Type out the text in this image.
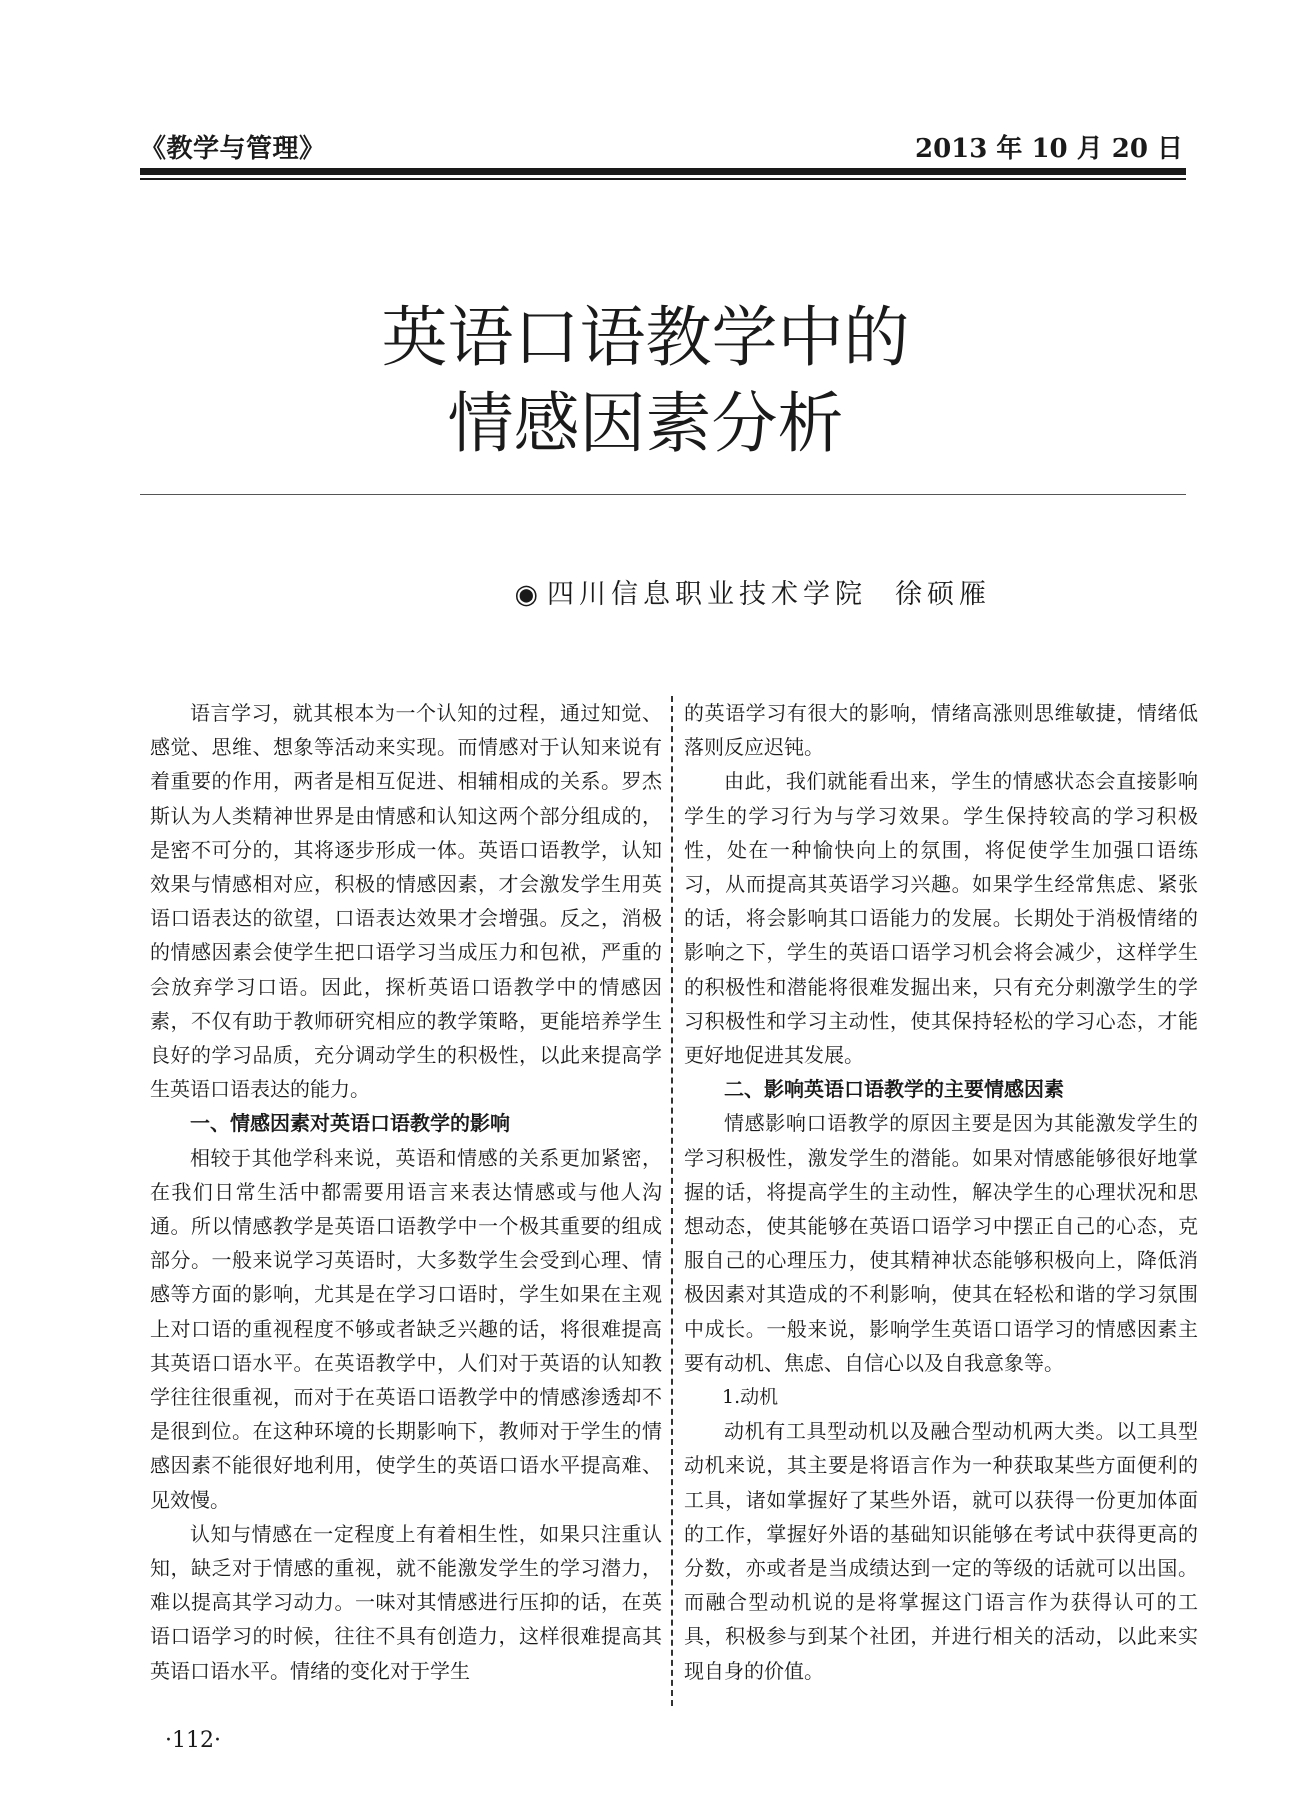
《教学与管理》	2013 年 10 月 20 日
英语口语教学中的
情感因素分析
◉ 四川信息职业技术学院 徐硕雁

语言学习，就其根本为一个认知的过程，通过知觉、感觉、思维、想象等活动来实现。而情感对于认知来说有着重要的作用，两者是相互促进、相辅相成的关系。罗杰斯认为人类精神世界是由情感和认知这两个部分组成的，是密不可分的，其将逐步形成一体。英语口语教学，认知效果与情感相对应，积极的情感因素，才会激发学生用英语口语表达的欲望，口语表达效果才会增强。反之，消极的情感因素会使学生把口语学习当成压力和包袱，严重的会放弃学习口语。因此，探析英语口语教学中的情感因素，不仅有助于教师研究相应的教学策略，更能培养学生良好的学习品质，充分调动学生的积极性，以此来提高学生英语口语表达的能力。

一、情感因素对英语口语教学的影响

相较于其他学科来说，英语和情感的关系更加紧密，在我们日常生活中都需要用语言来表达情感或与他人沟通。所以情感教学是英语口语教学中一个极其重要的组成部分。一般来说学习英语时，大多数学生会受到心理、情感等方面的影响，尤其是在学习口语时，学生如果在主观上对口语的重视程度不够或者缺乏兴趣的话，将很难提高其英语口语水平。在英语教学中，人们对于英语的认知教学往往很重视，而对于在英语口语教学中的情感渗透却不是很到位。在这种环境的长期影响下，教师对于学生的情感因素不能很好地利用，使学生的英语口语水平提高难、见效慢。

认知与情感在一定程度上有着相生性，如果只注重认知，缺乏对于情感的重视，就不能激发学生的学习潜力，难以提高其学习动力。一味对其情感进行压抑的话，在英语口语学习的时候，往往不具有创造力，这样很难提高其英语口语水平。情绪的变化对于学生

的英语学习有很大的影响，情绪高涨则思维敏捷，情绪低落则反应迟钝。

由此，我们就能看出来，学生的情感状态会直接影响学生的学习行为与学习效果。学生保持较高的学习积极性，处在一种愉快向上的氛围，将促使学生加强口语练习，从而提高其英语学习兴趣。如果学生经常焦虑、紧张的话，将会影响其口语能力的发展。长期处于消极情绪的影响之下，学生的英语口语学习机会将会减少，这样学生的积极性和潜能将很难发掘出来，只有充分刺激学生的学习积极性和学习主动性，使其保持轻松的学习心态，才能更好地促进其发展。

二、影响英语口语教学的主要情感因素

情感影响口语教学的原因主要是因为其能激发学生的学习积极性，激发学生的潜能。如果对情感能够很好地掌握的话，将提高学生的主动性，解决学生的心理状况和思想动态，使其能够在英语口语学习中摆正自己的心态，克服自己的心理压力，使其精神状态能够积极向上，降低消极因素对其造成的不利影响，使其在轻松和谐的学习氛围中成长。一般来说，影响学生英语口语学习的情感因素主要有动机、焦虑、自信心以及自我意象等。

1.动机

动机有工具型动机以及融合型动机两大类。以工具型动机来说，其主要是将语言作为一种获取某些方面便利的工具，诸如掌握好了某些外语，就可以获得一份更加体面的工作，掌握好外语的基础知识能够在考试中获得更高的分数，亦或者是当成绩达到一定的等级的话就可以出国。而融合型动机说的是将掌握这门语言作为获得认可的工具，积极参与到某个社团，并进行相关的活动，以此来实现自身的价值。

·112·
